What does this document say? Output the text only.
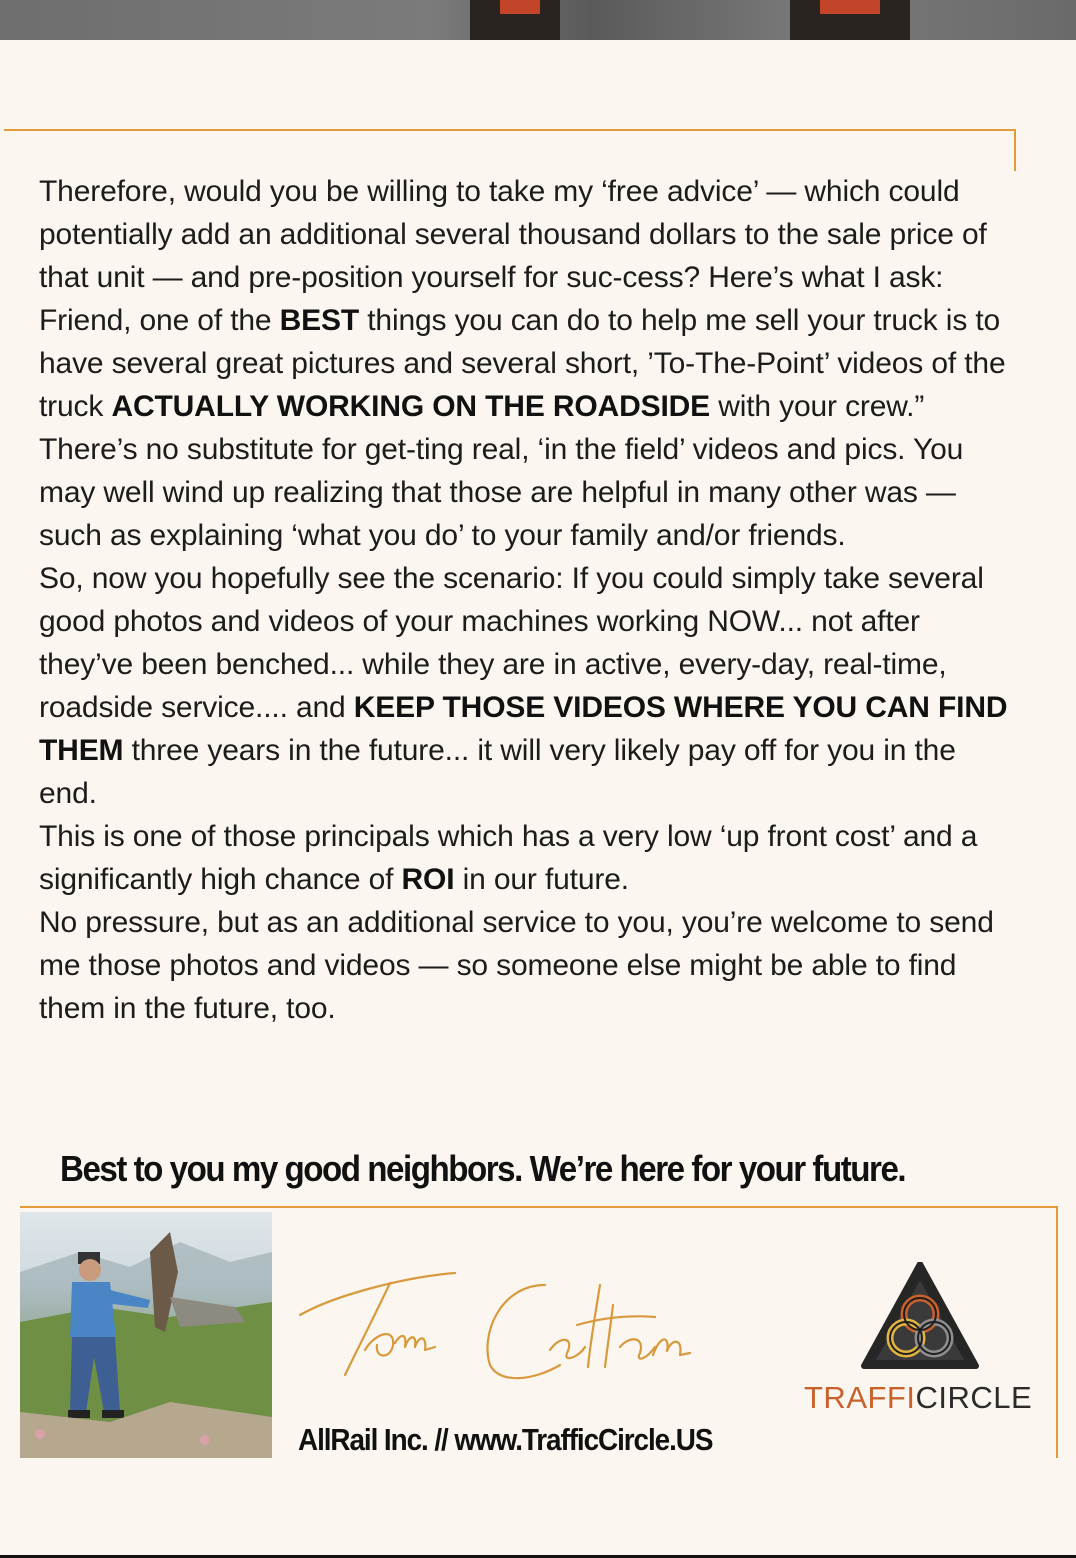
Therefore, would you be willing to take my ‘free advice’ — which could potentially add an additional several thousand dollars to the sale price of that unit — and pre-position yourself for suc-cess? Here’s what I ask:

Friend, one of the BEST things you can do to help me sell your truck is to have several great pictures and several short, ’To-The-Point’ videos of the truck ACTUALLY WORKING ON THE ROADSIDE with your crew.” There’s no substitute for get-ting real, ‘in the field’ videos and pics. You may well wind up realizing that those are helpful in many other was — such as explaining ‘what you do’ to your family and/or friends.

So, now you hopefully see the scenario: If you could simply take several good photos and videos of your machines working NOW... not after they’ve been benched... while they are in active, every-day, real-time, roadside service.... and KEEP THOSE VIDEOS WHERE YOU CAN FIND THEM three years in the future... it will very likely pay off for you in the end.

This is one of those principals which has a very low ‘up front cost’ and a significantly high chance of ROI in our future.

No pressure, but as an additional service to you, you’re welcome to send me those photos and videos — so someone else might be able to find them in the future, too.

Best to you my good neighbors. We’re here for your future.
AllRail Inc. // www.TrafficCircle.US
TRAFFICIRCLE
